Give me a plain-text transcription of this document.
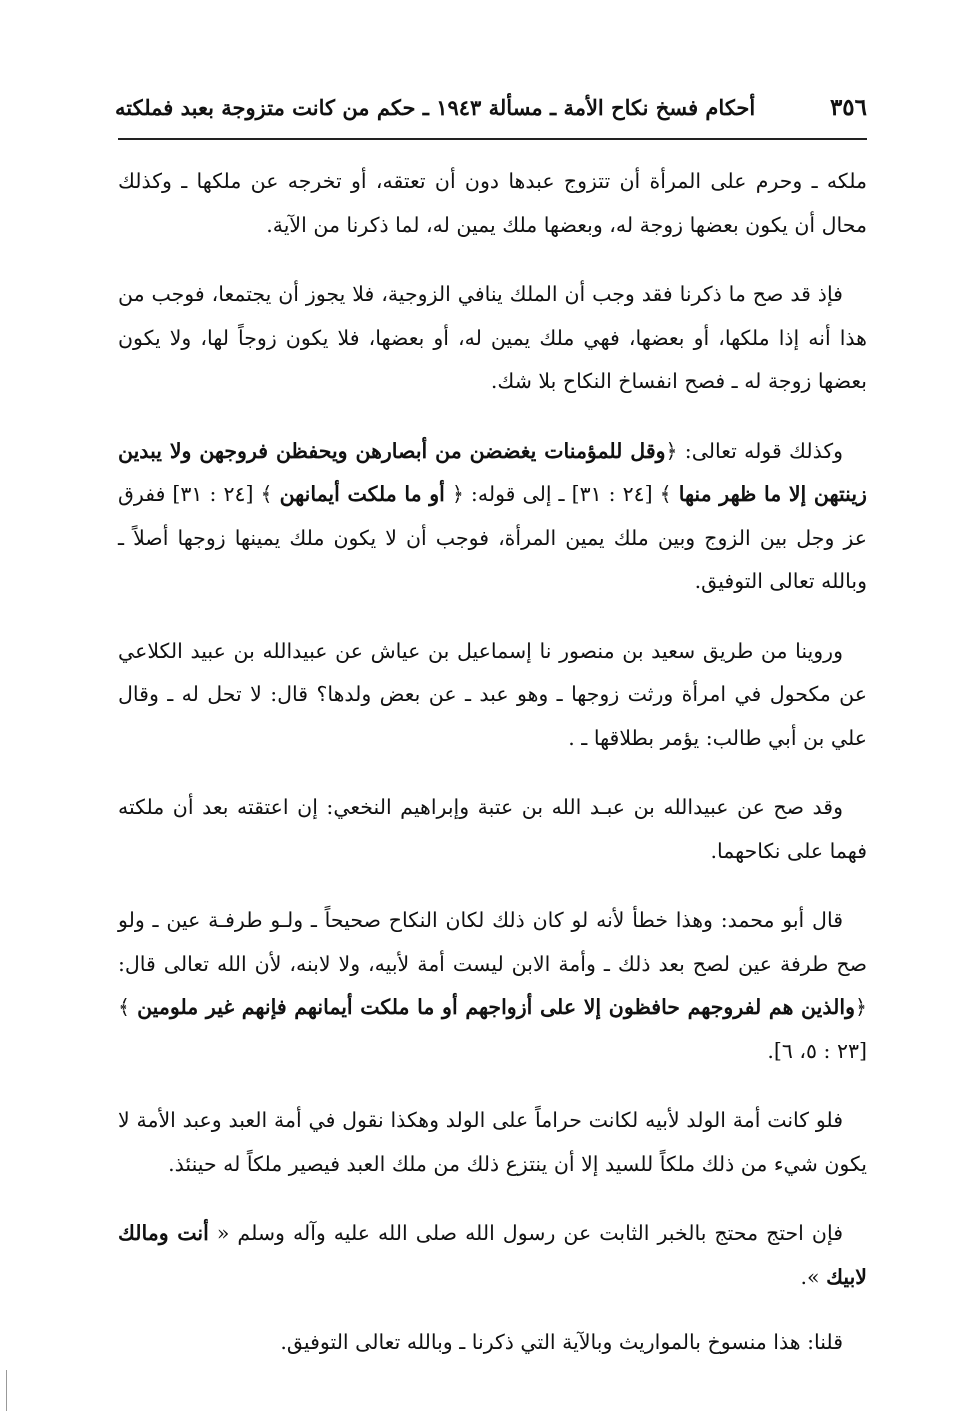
٣٥٦
أحكام فسخ نكاح الأمة ـ مسألة ١٩٤٣ ـ حكم من كانت متزوجة بعبد فملكته

ملكه ـ وحرم على المرأة أن تتزوج عبدها دون أن تعتقه، أو تخرجه عن ملكها ـ وكذلك محال أن يكون بعضها زوجة له، وبعضها ملك يمين له، لما ذكرنا من الآية.

فإذ قد صح ما ذكرنا فقد وجب أن الملك ينافي الزوجية، فلا يجوز أن يجتمعا، فوجب من هذا أنه إذا ملكها، أو بعضها، فهي ملك يمين له، أو بعضها، فلا يكون زوجاً لها، ولا يكون بعضها زوجة له ـ فصح انفساخ النكاح بلا شك.

وكذلك قوله تعالى: ﴿وقل للمؤمنات يغضضن من أبصارهن ويحفظن فروجهن ولا يبدين زينتهن إلا ما ظهر منها ﴾ [٢٤ : ٣١] ـ إلى قوله: ﴿ أو ما ملكت أيمانهن ﴾ [٢٤ : ٣١] ففرق عز وجل بين الزوج وبين ملك يمين المرأة، فوجب أن لا يكون ملك يمينها زوجها أصلاً ـ وبالله تعالى التوفيق.

وروينا من طريق سعيد بن منصور نا إسماعيل بن عياش عن عبيدالله بن عبيد الكلاعي عن مكحول في امرأة ورثت زوجها ـ وهو عبد ـ عن بعض ولدها؟ قال: لا تحل له ـ وقال علي بن أبي طالب: يؤمر بطلاقها ـ .

وقد صح عن عبيدالله بن عبـد الله بن عتبة وإبراهيم النخعي: إن اعتقته بعد أن ملكته فهما على نكاحهما.

قال أبو محمد: وهذا خطأ لأنه لو كان ذلك لكان النكاح صحيحاً ـ ولـو طرفـة عين ـ ولو صح طرفة عين لصح بعد ذلك ـ وأمة الابن ليست أمة لأبيه، ولا لابنه، لأن الله تعالى قال: ﴿والذين هم لفروجهم حافظون إلا على أزواجهم أو ما ملكت أيمانهم فإنهم غير ملومين ﴾ [٢٣ : ٥، ٦].

فلو كانت أمة الولد لأبيه لكانت حراماً على الولد وهكذا نقول في أمة العبد وعبد الأمة لا يكون شيء من ذلك ملكاً للسيد إلا أن ينتزع ذلك من ملك العبد فيصير ملكاً له حينئذ.

فإن احتج محتج بالخبر الثابت عن رسول الله صلى الله عليه وآله وسلم « أنت ومالك لابيك ».

قلنا: هذا منسوخ بالمواريث وبالآية التي ذكرنا ـ وبالله تعالى التوفيق.
